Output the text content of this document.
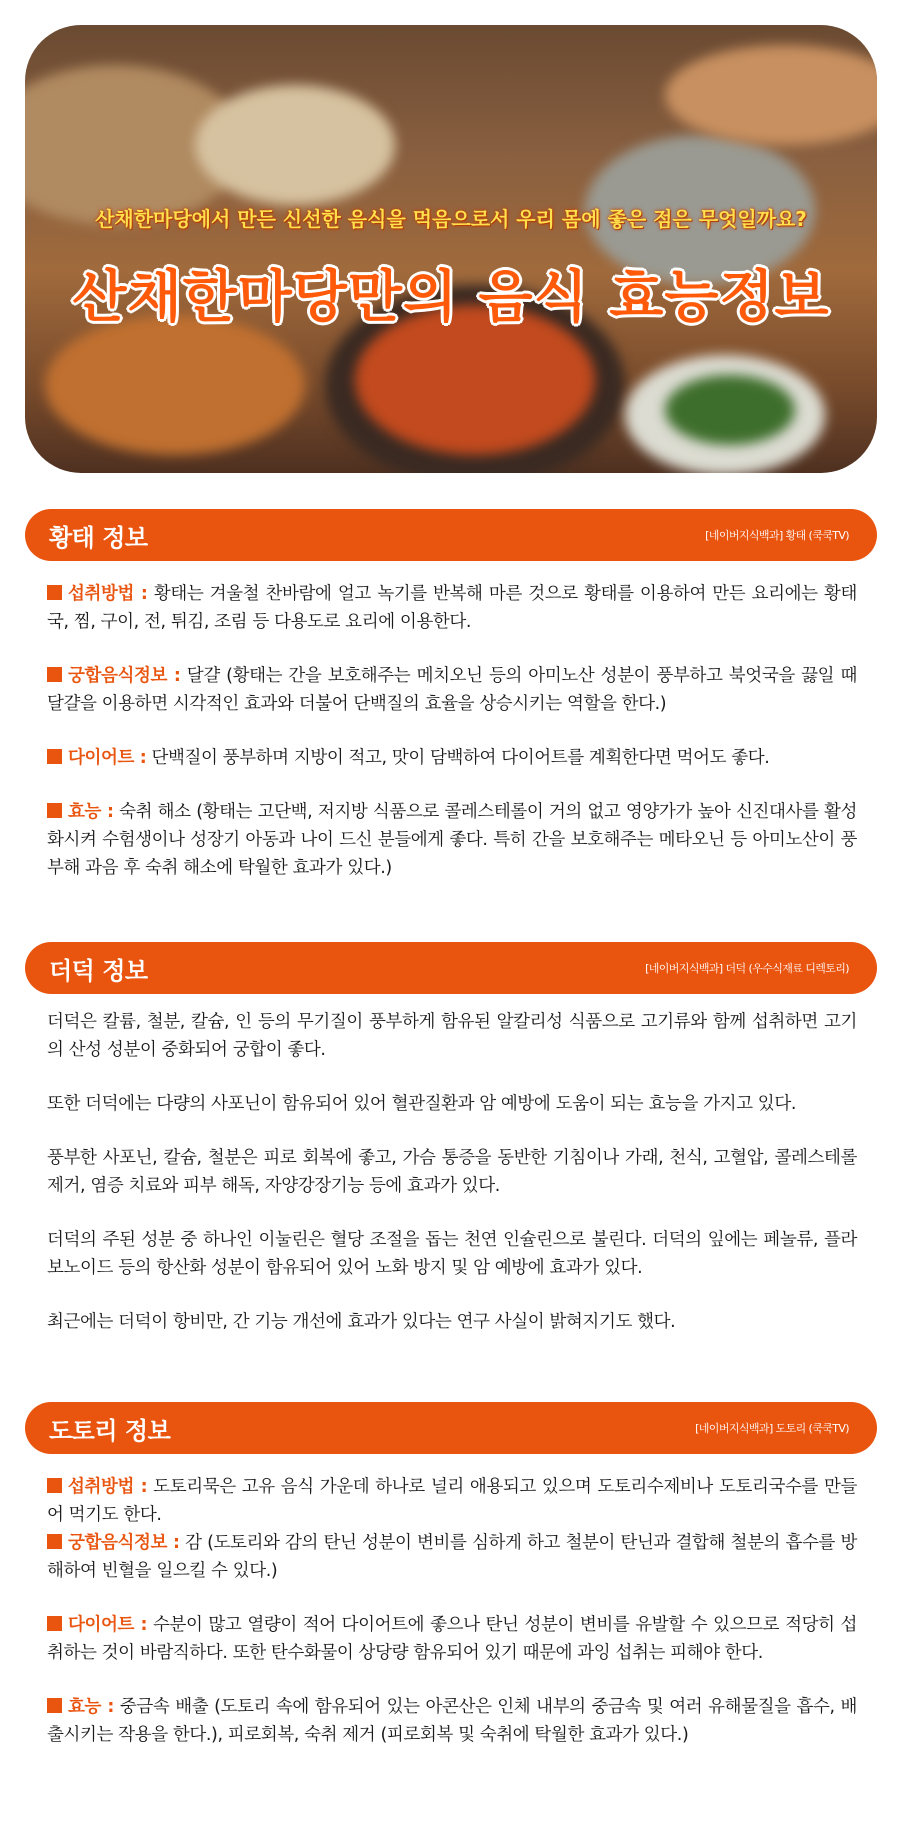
산채한마당에서 만든 신선한 음식을 먹음으로서 우리 몸에 좋은 점은 무엇일까요?
산채한마당만의 음식 효능정보
황태 정보	[네이버지식백과] 황태 (쿡쿡TV)

섭취방법 : 황태는 겨울철 찬바람에 얼고 녹기를 반복해 마른 것으로 황태를 이용하여 만든 요리에는 황태국, 찜, 구이, 전, 튀김, 조림 등 다용도로 요리에 이용한다.

궁합음식정보 : 달걀 (황태는 간을 보호해주는 메치오닌 등의 아미노산 성분이 풍부하고 북엇국을 끓일 때 달걀을 이용하면 시각적인 효과와 더불어 단백질의 효율을 상승시키는 역할을 한다.)

다이어트 : 단백질이 풍부하며 지방이 적고, 맛이 담백하여 다이어트를 계획한다면 먹어도 좋다.

효능 : 숙취 해소 (황태는 고단백, 저지방 식품으로 콜레스테롤이 거의 없고 영양가가 높아 신진대사를 활성화시켜 수험생이나 성장기 아동과 나이 드신 분들에게 좋다. 특히 간을 보호해주는 메타오닌 등 아미노산이 풍부해 과음 후 숙취 해소에 탁월한 효과가 있다.)

더덕 정보	[네이버지식백과] 더덕 (우수식재료 디렉토리)

더덕은 칼륨, 철분, 칼슘, 인 등의 무기질이 풍부하게 함유된 알칼리성 식품으로 고기류와 함께 섭취하면 고기의 산성 성분이 중화되어 궁합이 좋다.

또한 더덕에는 다량의 사포닌이 함유되어 있어 혈관질환과 암 예방에 도움이 되는 효능을 가지고 있다.

풍부한 사포닌, 칼슘, 철분은 피로 회복에 좋고, 가슴 통증을 동반한 기침이나 가래, 천식, 고혈압, 콜레스테롤 제거, 염증 치료와 피부 해독, 자양강장기능 등에 효과가 있다.

더덕의 주된 성분 중 하나인 이눌린은 혈당 조절을 돕는 천연 인슐린으로 불린다. 더덕의 잎에는 페놀류, 플라보노이드 등의 항산화 성분이 함유되어 있어 노화 방지 및 암 예방에 효과가 있다.

최근에는 더덕이 항비만, 간 기능 개선에 효과가 있다는 연구 사실이 밝혀지기도 했다.

도토리 정보	[네이버지식백과] 도토리 (쿡쿡TV)

섭취방법 : 도토리묵은 고유 음식 가운데 하나로 널리 애용되고 있으며 도토리수제비나 도토리국수를 만들어 먹기도 한다.

궁합음식정보 : 감 (도토리와 감의 탄닌 성분이 변비를 심하게 하고 철분이 탄닌과 결합해 철분의 흡수를 방해하여 빈혈을 일으킬 수 있다.)

다이어트 : 수분이 많고 열량이 적어 다이어트에 좋으나 탄닌 성분이 변비를 유발할 수 있으므로 적당히 섭취하는 것이 바람직하다. 또한 탄수화물이 상당량 함유되어 있기 때문에 과잉 섭취는 피해야 한다.

효능 : 중금속 배출 (도토리 속에 함유되어 있는 아콘산은 인체 내부의 중금속 및 여러 유해물질을 흡수, 배출시키는 작용을 한다.), 피로회복, 숙취 제거 (피로회복 및 숙취에 탁월한 효과가 있다.)
